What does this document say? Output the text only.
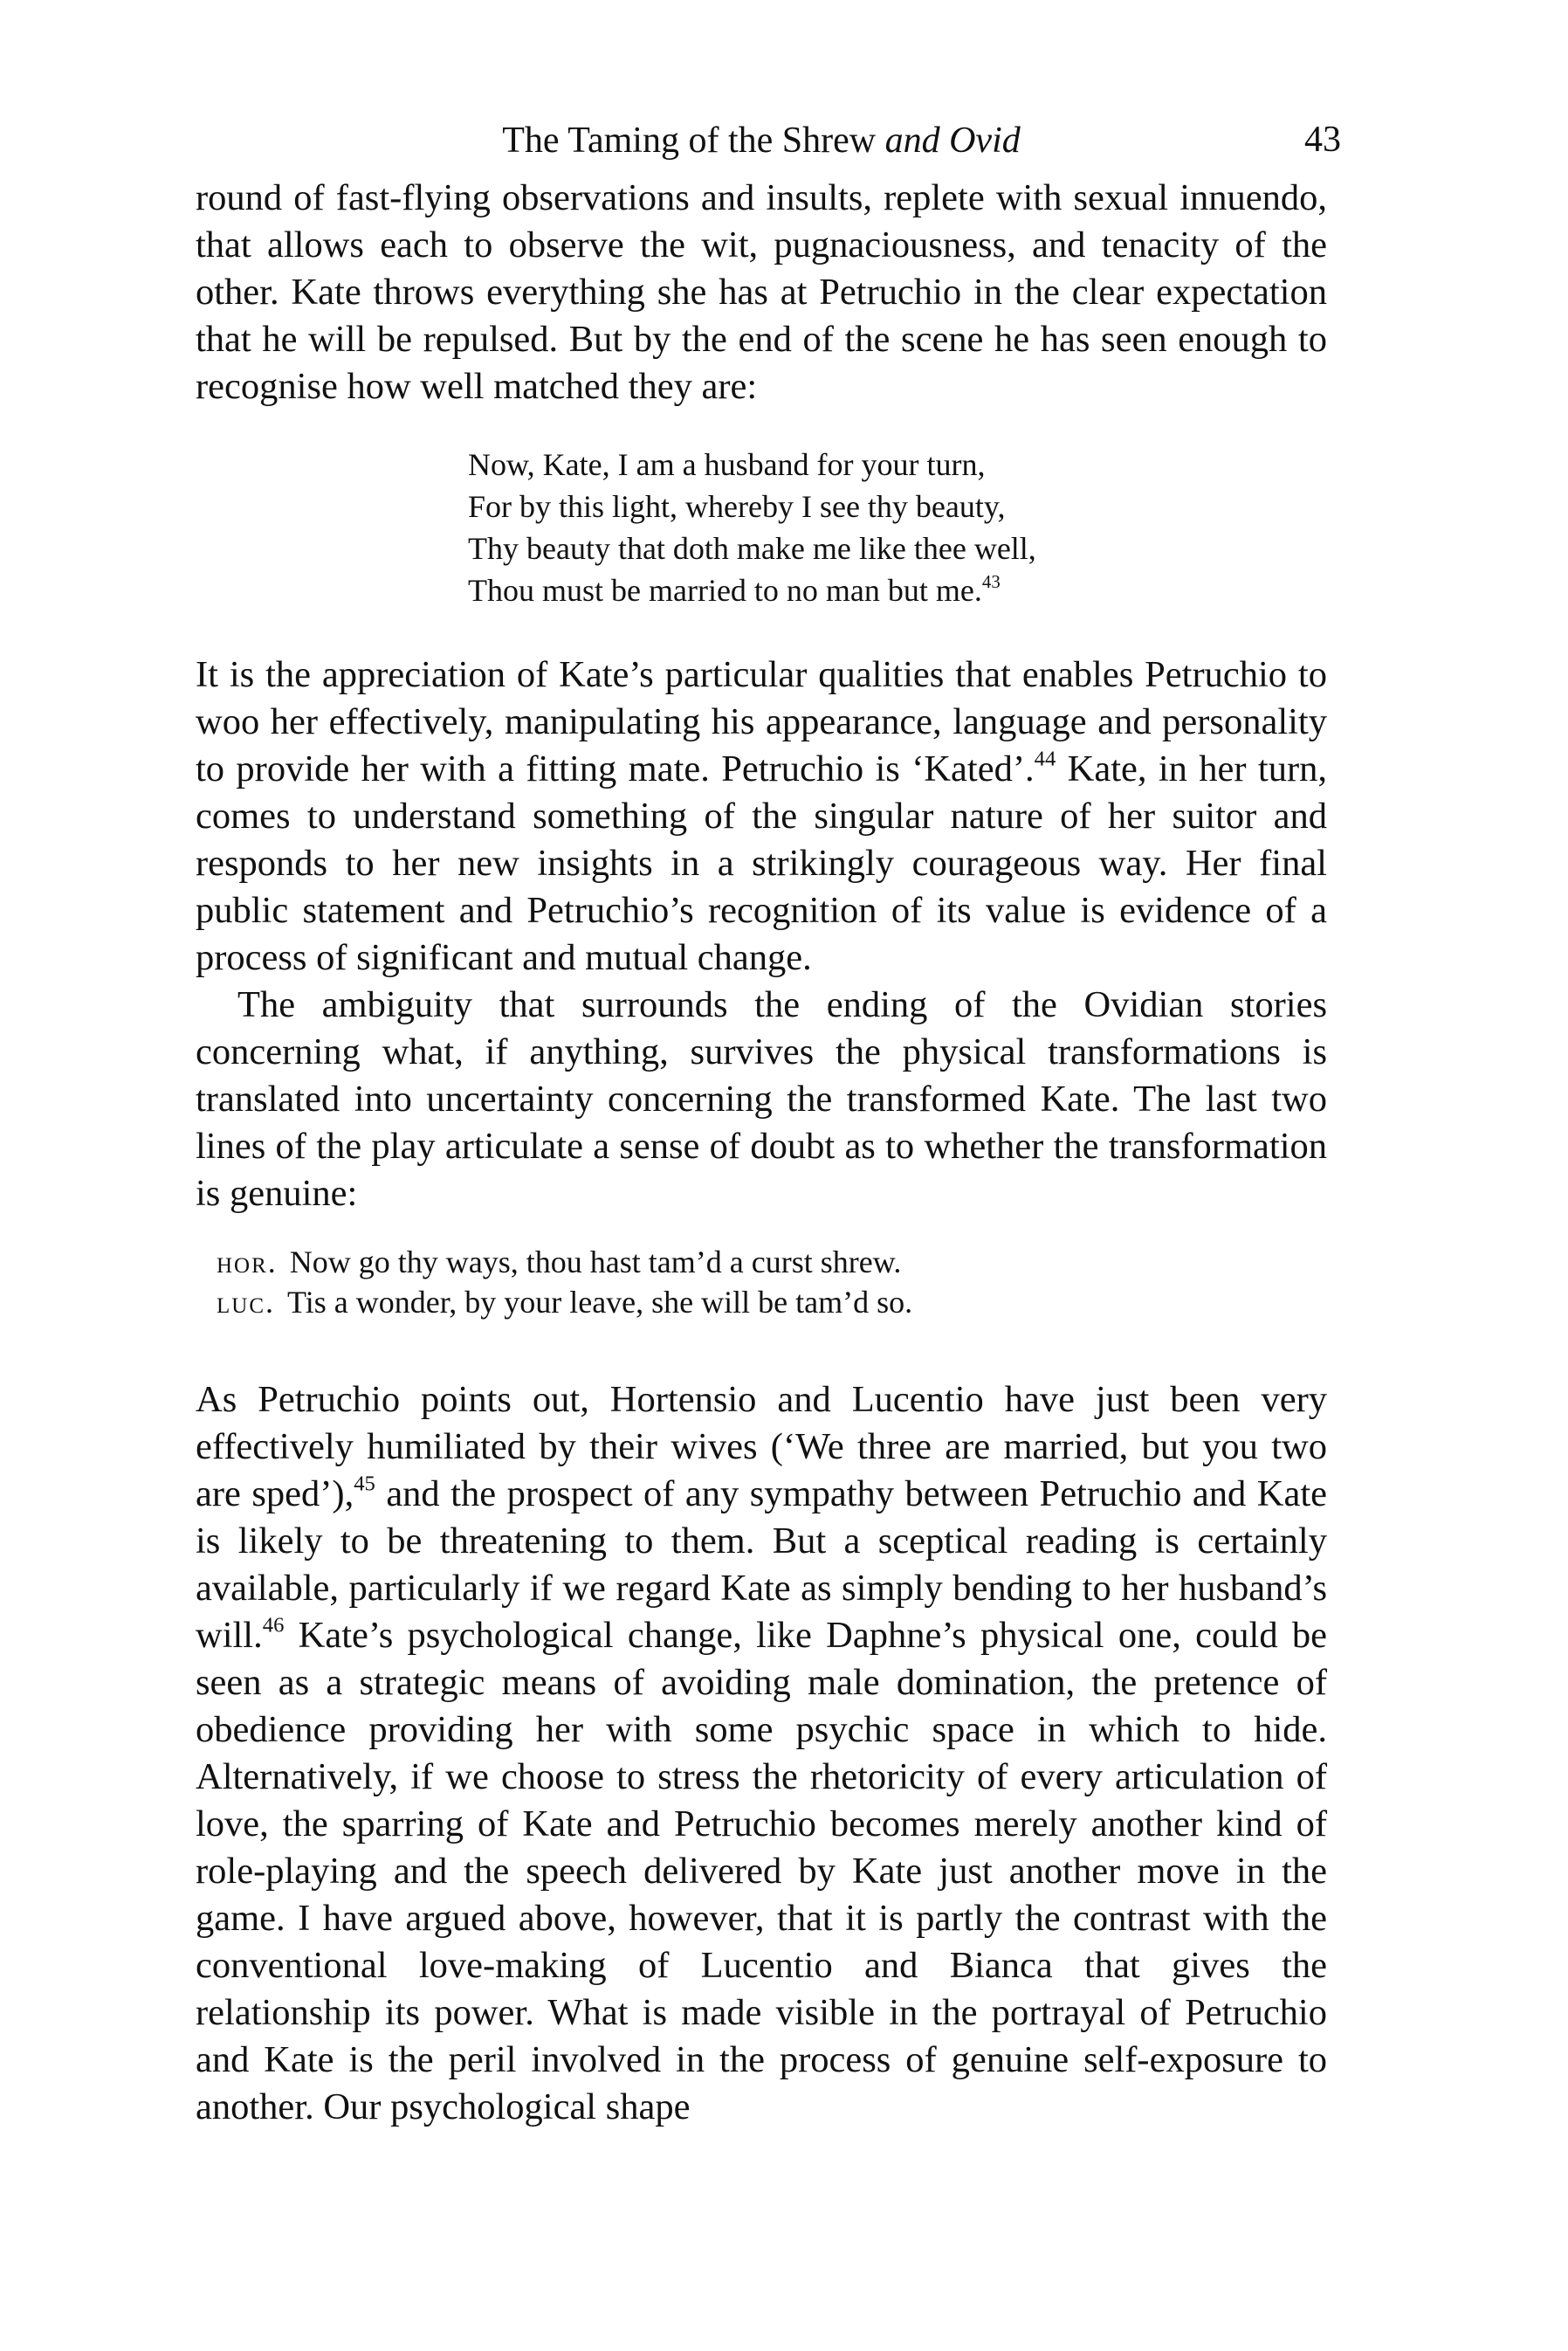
The Taming of the Shrew and Ovid	43

round of fast-flying observations and insults, replete with sexual innuendo, that allows each to observe the wit, pugnaciousness, and tenacity of the other. Kate throws everything she has at Petruchio in the clear expectation that he will be repulsed. But by the end of the scene he has seen enough to recognise how well matched they are:

Now, Kate, I am a husband for your turn,
For by this light, whereby I see thy beauty,
Thy beauty that doth make me like thee well,
Thou must be married to no man but me.$^{43}$

It is the appreciation of Kate’s particular qualities that enables Petruchio to woo her effectively, manipulating his appearance, language and personality to provide her with a fitting mate. Petruchio is ‘Kated’.$^{44}$ Kate, in her turn, comes to understand something of the singular nature of her suitor and responds to her new insights in a strikingly courageous way. Her final public statement and Petruchio’s recognition of its value is evidence of a process of significant and mutual change.

The ambiguity that surrounds the ending of the Ovidian stories concerning what, if anything, survives the physical transformations is translated into uncertainty concerning the transformed Kate. The last two lines of the play articulate a sense of doubt as to whether the transformation is genuine:

hor. Now go thy ways, thou hast tam’d a curst shrew.
luc. Tis a wonder, by your leave, she will be tam’d so.

As Petruchio points out, Hortensio and Lucentio have just been very effectively humiliated by their wives (‘We three are married, but you two are sped’),$^{45}$ and the prospect of any sympathy between Petruchio and Kate is likely to be threatening to them. But a sceptical reading is certainly available, particularly if we regard Kate as simply bending to her husband’s will.$^{46}$ Kate’s psychological change, like Daphne’s physical one, could be seen as a strategic means of avoiding male domination, the pretence of obedience providing her with some psychic space in which to hide. Alternatively, if we choose to stress the rhetoricity of every articulation of love, the sparring of Kate and Petruchio becomes merely another kind of role-playing and the speech delivered by Kate just another move in the game. I have argued above, however, that it is partly the contrast with the conventional love-making of Lucentio and Bianca that gives the relationship its power. What is made visible in the portrayal of Petruchio and Kate is the peril involved in the process of genuine self-exposure to another. Our psychological shape
